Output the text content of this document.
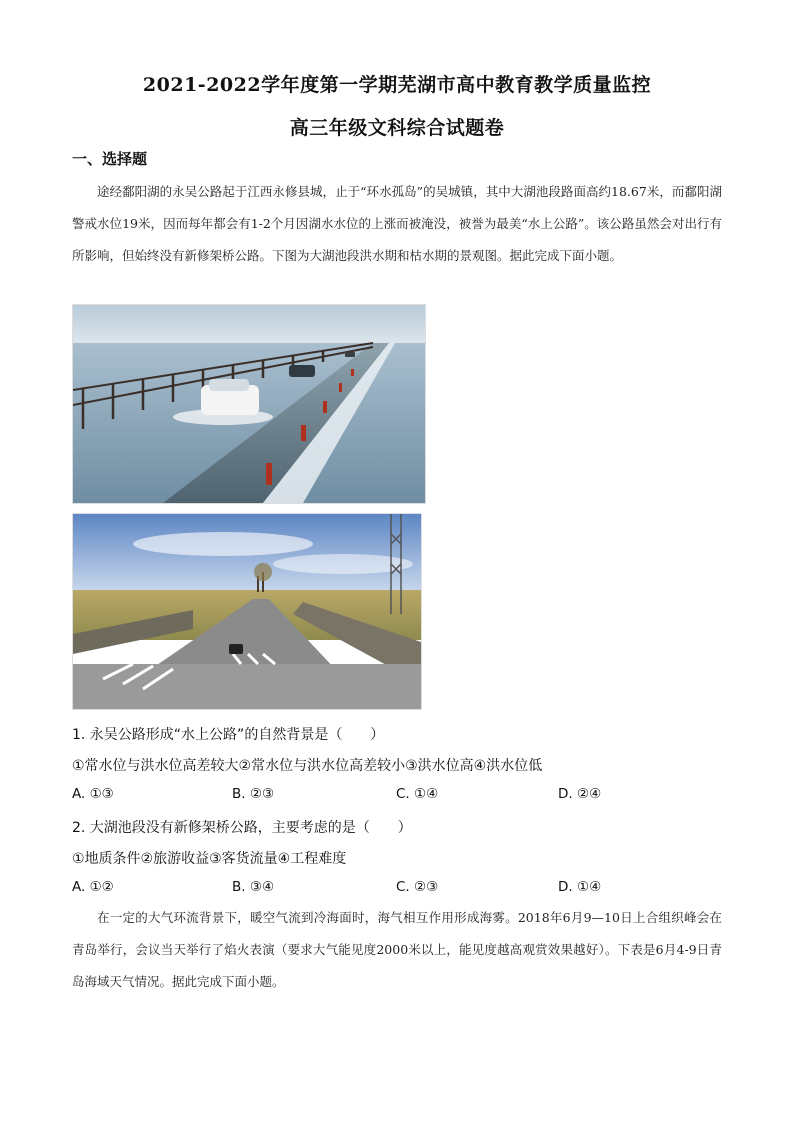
2021-2022学年度第一学期芜湖市高中教育教学质量监控
高三年级文科综合试题卷
一、选择题
途经鄱阳湖的永吴公路起于江西永修县城，止于“环水孤岛”的吴城镇，其中大湖池段路面高约18.67米，而鄱阳湖警戒水位19米，因而每年都会有1-2个月因湖水水位的上涨而被淹没，被誉为最美“水上公路”。该公路虽然会对出行有所影响，但始终没有新修架桥公路。下图为大湖池段洪水期和枯水期的景观图。据此完成下面小题。
1. 永吴公路形成“水上公路”的自然背景是（　　）
①常水位与洪水位高差较大②常水位与洪水位高差较小③洪水位高④洪水位低
A. ①③	B. ②③	C. ①④	D. ②④
2. 大湖池段没有新修架桥公路，主要考虑的是（　　）
①地质条件②旅游收益③客货流量④工程难度
A. ①②	B. ③④	C. ②③	D. ①④
在一定的大气环流背景下，暖空气流到冷海面时，海气相互作用形成海雾。2018年6月9—10日上合组织峰会在青岛举行，会议当天举行了焰火表演（要求大气能见度2000米以上，能见度越高观赏效果越好）。下表是6月4-9日青岛海域天气情况。据此完成下面小题。
